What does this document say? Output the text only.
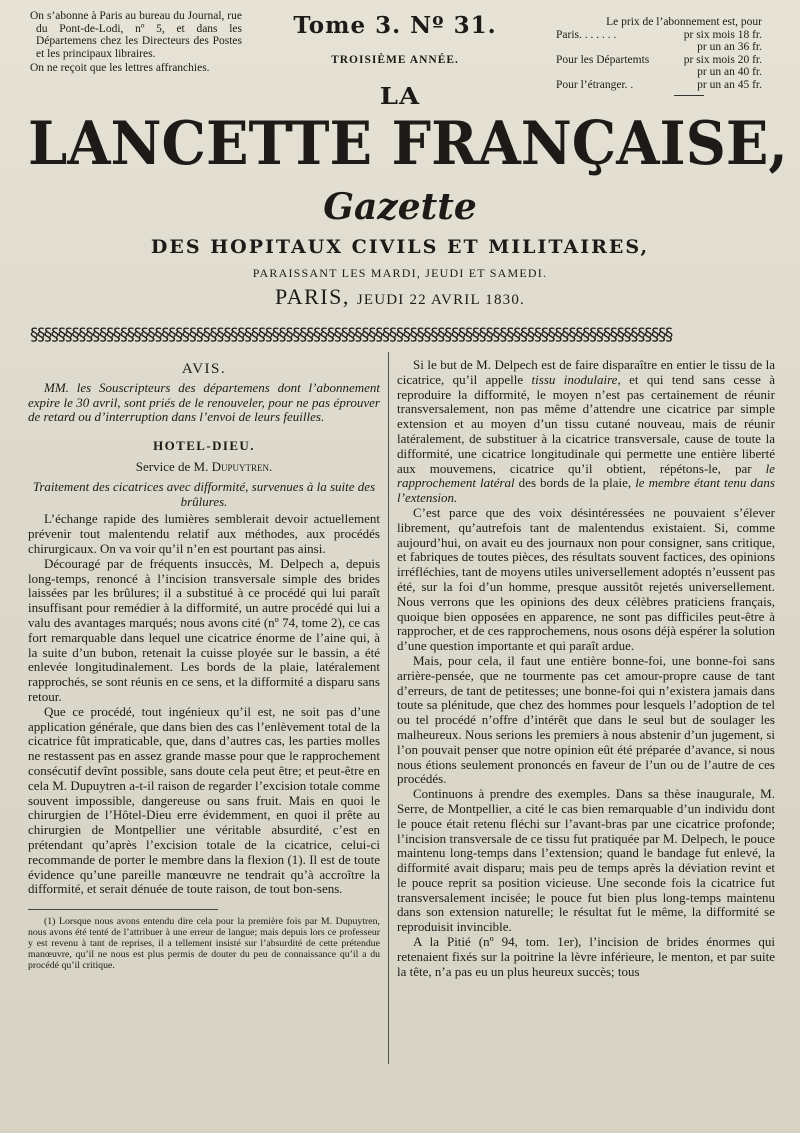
On s’abonne à Paris au bureau du Journal, rue du Pont-de-Lodi, nº 5, et dans les Départemens chez les Directeurs des Postes et les principaux libraires.

On ne reçoit que les lettres affranchies.

Tome 3. Nº 31.
TROISIÈME ANNÉE.
Le prix de l’abonnement est, pour
Paris. . . . . . .	pr six mois 18 fr.
	pr un an 36 fr.
Pour les Départemts	pr six mois 20 fr.
	pr un an 40 fr.
Pour l’étranger. .	pr un an 45 fr.
LA
LANCETTE FRANÇAISE,
Gazette
DES HOPITAUX CIVILS ET MILITAIRES,
PARAISSANT LES MARDI, JEUDI ET SAMEDI.
PARIS, JEUDI 22 AVRIL 1830.
§§§§§§§§§§§§§§§§§§§§§§§§§§§§§§§§§§§§§§§§§§§§§§§§§§§§§§§§§§§§§§§§§§§§§§§§§§§§§§§§§§§§§§§§§§§§§

AVIS.

MM. les Souscripteurs des départemens dont l’abonnement expire le 30 avril, sont priés de le renouveler, pour ne pas éprouver de retard ou d’interruption dans l’envoi de leurs feuilles.

HOTEL-DIEU.

Service de M. Dupuytren.

Traitement des cicatrices avec difformité, survenues à la suite des brûlures.

L’échange rapide des lumières semblerait devoir actuellement prévenir tout malentendu relatif aux méthodes, aux procédés chirurgicaux. On va voir qu’il n’en est pourtant pas ainsi.

Découragé par de fréquents insuccès, M. Delpech a, depuis long-temps, renoncé à l’incision transversale simple des brides laissées par les brûlures; il a substitué à ce procédé qui lui paraît insuffisant pour remédier à la difformité, un autre procédé qui lui a valu des avantages marqués; nous avons cité (nº 74, tome 2), ce cas fort remarquable dans lequel une cicatrice énorme de l’aine qui, à la suite d’un bubon, retenait la cuisse ployée sur le bassin, a été enlevée longitudinalement. Les bords de la plaie, latéralement rapprochés, se sont réunis en ce sens, et la difformité a disparu sans retour.

Que ce procédé, tout ingénieux qu’il est, ne soit pas d’une application générale, que dans bien des cas l’enlèvement total de la cicatrice fût impraticable, que, dans d’autres cas, les parties molles ne restassent pas en assez grande masse pour que le rapprochement consécutif devînt possible, sans doute cela peut être; et peut-être en cela M. Dupuytren a-t-il raison de regarder l’excision totale comme souvent impossible, dangereuse ou sans fruit. Mais en quoi le chirurgien de l’Hôtel-Dieu erre évidemment, en quoi il prête au chirurgien de Montpellier une véritable absurdité, c’est en prétendant qu’après l’excision totale de la cicatrice, celui-ci recommande de porter le membre dans la flexion (1). Il est de toute évidence qu’une pareille manœuvre ne tendrait qu’à accroître la difformité, et serait dénuée de toute raison, de tout bon-sens.

(1) Lorsque nous avons entendu dire cela pour la première fois par M. Dupuytren, nous avons été tenté de l’attribuer à une erreur de langue; mais depuis lors ce professeur y est revenu à tant de reprises, il a tellement insisté sur l’absurdité de cette prétendue manœuvre, qu’il ne nous est plus permis de douter du peu de connaissance qu’il a du procédé qu’il critique.

Si le but de M. Delpech est de faire disparaître en entier le tissu de la cicatrice, qu’il appelle tissu inodulaire, et qui tend sans cesse à reproduire la difformité, le moyen n’est pas certainement de réunir transversalement, non pas même d’attendre une cicatrice par simple extension et au moyen d’un tissu cutané nouveau, mais de réunir latéralement, de substituer à la cicatrice transversale, cause de toute la difformité, une cicatrice longitudinale qui permette une entière liberté aux mouvemens, cicatrice qu’il obtient, répétons-le, par le rapprochement latéral des bords de la plaie, le membre étant tenu dans l’extension.

C’est parce que des voix désintéressées ne pouvaient s’élever librement, qu’autrefois tant de malentendus existaient. Si, comme aujourd’hui, on avait eu des journaux non pour consigner, sans critique, et fabriques de toutes pièces, des résultats souvent factices, des opinions irréfléchies, tant de moyens utiles universellement adoptés n’eussent pas été, sur la foi d’un homme, presque aussitôt rejetés universellement. Nous verrons que les opinions des deux célèbres praticiens français, quoique bien opposées en apparence, ne sont pas difficiles peut-être à rapprocher, et de ces rapprochemens, nous osons déjà espérer la solution d’une question importante et qui paraît ardue.

Mais, pour cela, il faut une entière bonne-foi, une bonne-foi sans arrière-pensée, que ne tourmente pas cet amour-propre cause de tant d’erreurs, de tant de petitesses; une bonne-foi qui n’existera jamais dans toute sa plénitude, que chez des hommes pour lesquels l’adoption de tel ou tel procédé n’offre d’intérêt que dans le seul but de soulager les malheureux. Nous serions les premiers à nous abstenir d’un jugement, si l’on pouvait penser que notre opinion eût été préparée d’avance, si nous nous étions seulement prononcés en faveur de l’un ou de l’autre de ces procédés.

Continuons à prendre des exemples. Dans sa thèse inaugurale, M. Serre, de Montpellier, a cité le cas bien remarquable d’un individu dont le pouce était retenu fléchi sur l’avant-bras par une cicatrice profonde; l’incision transversale de ce tissu fut pratiquée par M. Delpech, le pouce maintenu long-temps dans l’extension; quand le bandage fut enlevé, la difformité avait disparu; mais peu de temps après la déviation revint et le pouce reprit sa position vicieuse. Une seconde fois la cicatrice fut transversalement incisée; le pouce fut bien plus long-temps maintenu dans son extension naturelle; le résultat fut le même, la difformité se reproduisit invincible.

A la Pitié (nº 94, tom. 1er), l’incision de brides énormes qui retenaient fixés sur la poitrine la lèvre inférieure, le menton, et par suite la tête, n’a pas eu un plus heureux succès; tous
